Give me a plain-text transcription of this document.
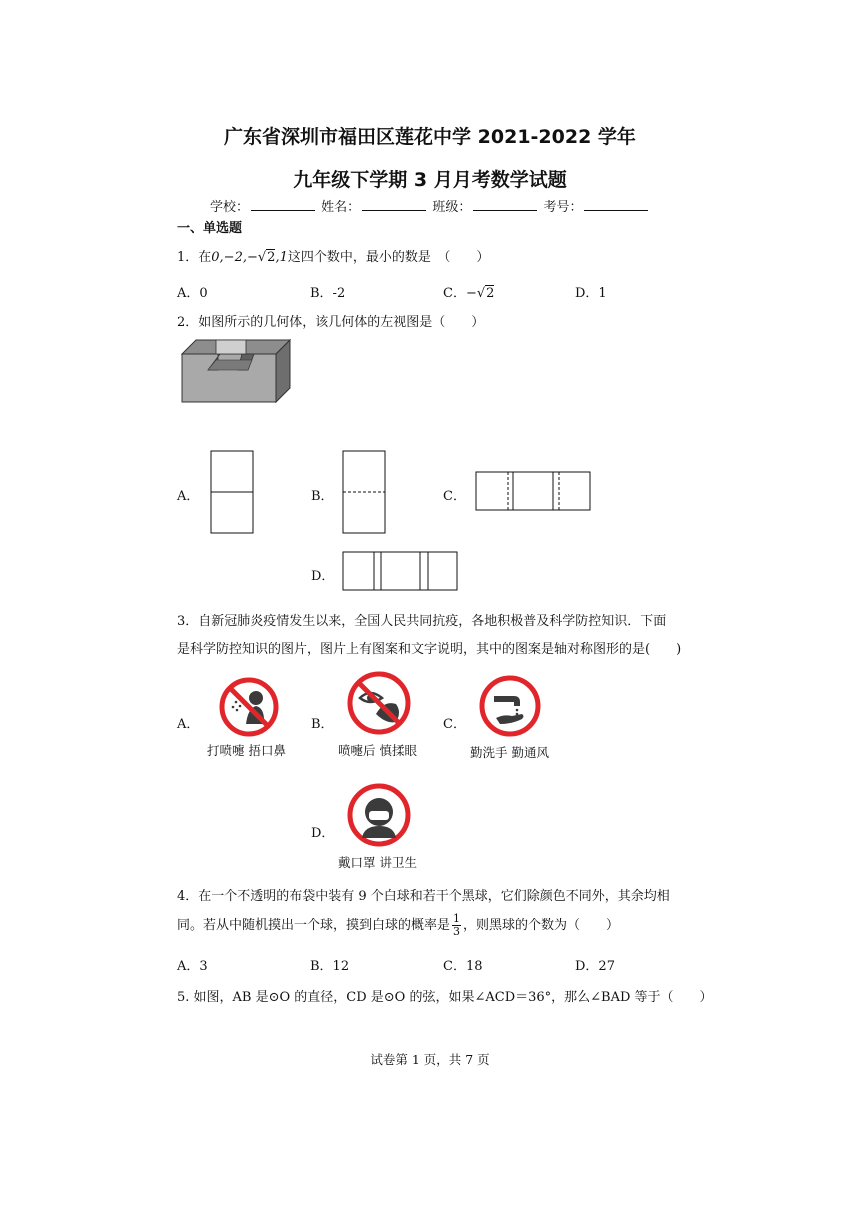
广东省深圳市福田区莲花中学 2021-2022 学年
九年级下学期 3 月月考数学试题
学校：	姓名：	班级：	考号：
一、单选题
1．在0,−2,−√2,1这四个数中，最小的数是　（　　）
A．0	B．-2	C．−√2	D．1
2．如图所示的几何体，该几何体的左视图是（　　）
A．	B．	C．
D．
3．自新冠肺炎疫情发生以来，全国人民共同抗疫，各地积极普及科学防控知识．下面
是科学防控知识的图片，图片上有图案和文字说明，其中的图案是轴对称图形的是(　　)
A．
打喷嚏 捂口鼻
B．
喷嚏后 慎揉眼
C．
勤洗手 勤通风
D．
戴口罩 讲卫生
4．在一个不透明的布袋中装有 9 个白球和若干个黑球，它们除颜色不同外，其余均相
同。若从中随机摸出一个球，摸到白球的概率是 $\frac{1}{3}$ ，则黑球的个数为（　　）
A．3	B．12	C．18	D．27
5. 如图，AB 是⊙O 的直径，CD 是⊙O 的弦，如果∠ACD＝36°，那么∠BAD 等于（　　）
试卷第 1 页，共 7 页
